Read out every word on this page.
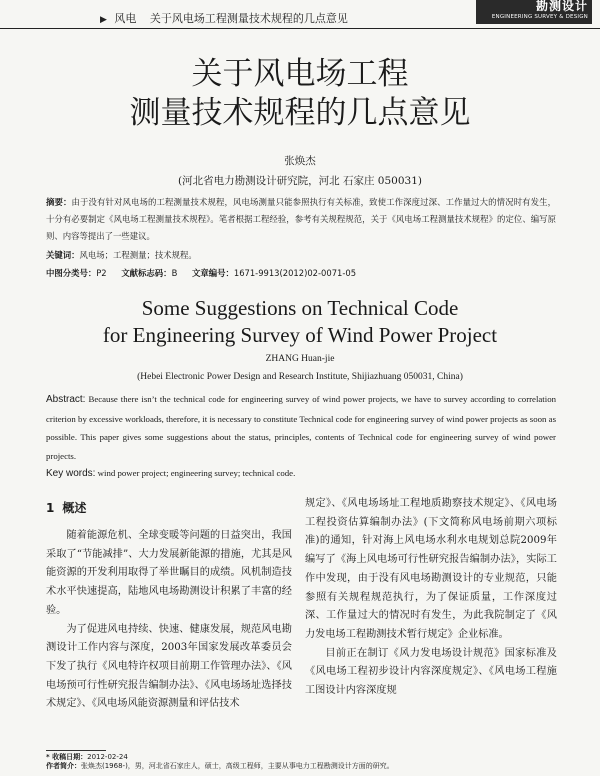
▶ 风电 关于风电场工程测量技术规程的几点意见
勘测设计
ENGINEERING SURVEY & DESIGN
关于风电场工程
测量技术规程的几点意见
张焕杰
(河北省电力勘测设计研究院，河北 石家庄 050031)
摘要：由于没有针对风电场的工程测量技术规程，风电场测量只能参照执行有关标准，致使工作深度过深、工作量过大的情况时有发生，十分有必要制定《风电场工程测量技术规程》。笔者根据工程经验，参考有关规程规范，关于《风电场工程测量技术规程》的定位、编写原则、内容等提出了一些建议。
关键词：风电场；工程测量；技术规程。
中图分类号：P2 文献标志码：B 文章编号：1671-9913(2012)02-0071-05
Some Suggestions on Technical Code
for Engineering Survey of Wind Power Project
ZHANG Huan-jie
(Hebei Electronic Power Design and Research Institute, Shijiazhuang 050031, China)
Abstract: Because there isn’t the technical code for engineering survey of wind power projects, we have to survey according to correlation criterion by excessive workloads, therefore, it is necessary to constitute Technical code for engineering survey of wind power projects as soon as possible. This paper gives some suggestions about the status, principles, contents of Technical code for engineering survey of wind power projects.
Key words: wind power project; engineering survey; technical code.
1 概述

随着能源危机、全球变暖等问题的日益突出，我国采取了“节能减排”、大力发展新能源的措施，尤其是风能资源的开发利用取得了举世瞩目的成绩。风机制造技术水平快速提高，陆地风电场勘测设计积累了丰富的经验。

为了促进风电持续、快速、健康发展，规范风电勘测设计工作内容与深度，2003年国家发展改革委员会下发了执行《风电特许权项目前期工作管理办法》、《风电场预可行性研究报告编制办法》、《风电场场址选择技术规定》、《风电场风能资源测量和评估技术

规定》、《风电场场址工程地质勘察技术规定》、《风电场工程投资估算编制办法》(下文简称风电场前期六项标准)的通知，针对海上风电场水利水电规划总院2009年编写了《海上风电场可行性研究报告编制办法》，实际工作中发现，由于没有风电场勘测设计的专业规范，只能参照有关规程规范执行，为了保证质量，工作深度过深、工作量过大的情况时有发生，为此我院制定了《风力发电场工程勘测技术暂行规定》企业标准。

目前正在制订《风力发电场设计规范》国家标准及《风电场工程初步设计内容深度规定》、《风电场工程施工图设计内容深度规

* 收稿日期：2012-02-24
作者简介：张焕杰(1968-)，男，河北省石家庄人，硕士，高级工程师，主要从事电力工程勘测设计方面的研究。
